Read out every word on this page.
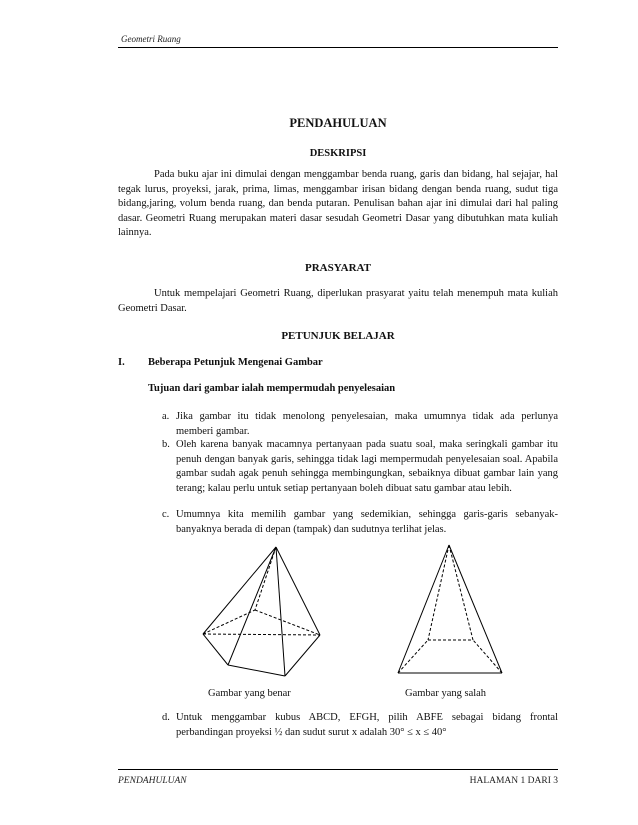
Geometri Ruang
PENDAHULUAN
DESKRIPSI
Pada buku ajar ini dimulai dengan menggambar benda ruang, garis dan bidang, hal sejajar, hal tegak lurus, proyeksi, jarak, prima, limas, menggambar irisan bidang dengan benda ruang, sudut tiga bidang,jaring, volum benda ruang, dan benda putaran. Penulisan bahan ajar ini dimulai dari hal paling dasar. Geometri Ruang merupakan materi dasar sesudah Geometri Dasar yang dibutuhkan mata kuliah lainnya.
PRASYARAT
Untuk mempelajari Geometri Ruang, diperlukan prasyarat yaitu telah menempuh mata kuliah Geometri Dasar.
PETUNJUK BELAJAR
I. Beberapa Petunjuk Mengenai Gambar
Tujuan dari gambar ialah mempermudah penyelesaian
a. Jika gambar itu tidak menolong penyelesaian, maka umumnya tidak ada perlunya memberi gambar.
b. Oleh karena banyak macamnya pertanyaan pada suatu soal, maka seringkali gambar itu penuh dengan banyak garis, sehingga tidak lagi mempermudah penyelesaian soal. Apabila gambar sudah agak penuh sehingga membingungkan, sebaiknya dibuat gambar lain yang terang; kalau perlu untuk setiap pertanyaan boleh dibuat satu gambar atau lebih.
c. Umumnya kita memilih gambar yang sedemikian, sehingga garis-garis sebanyak-banyaknya berada di depan (tampak) dan sudutnya terlihat jelas.
Gambar yang benar	Gambar yang salah
d. Untuk menggambar kubus ABCD, EFGH, pilih ABFE sebagai bidang frontal perbandingan proyeksi ½ dan sudut surut x adalah 30° ≤ x ≤ 40°
PENDAHULUAN	HALAMAN 1 DARI 3
